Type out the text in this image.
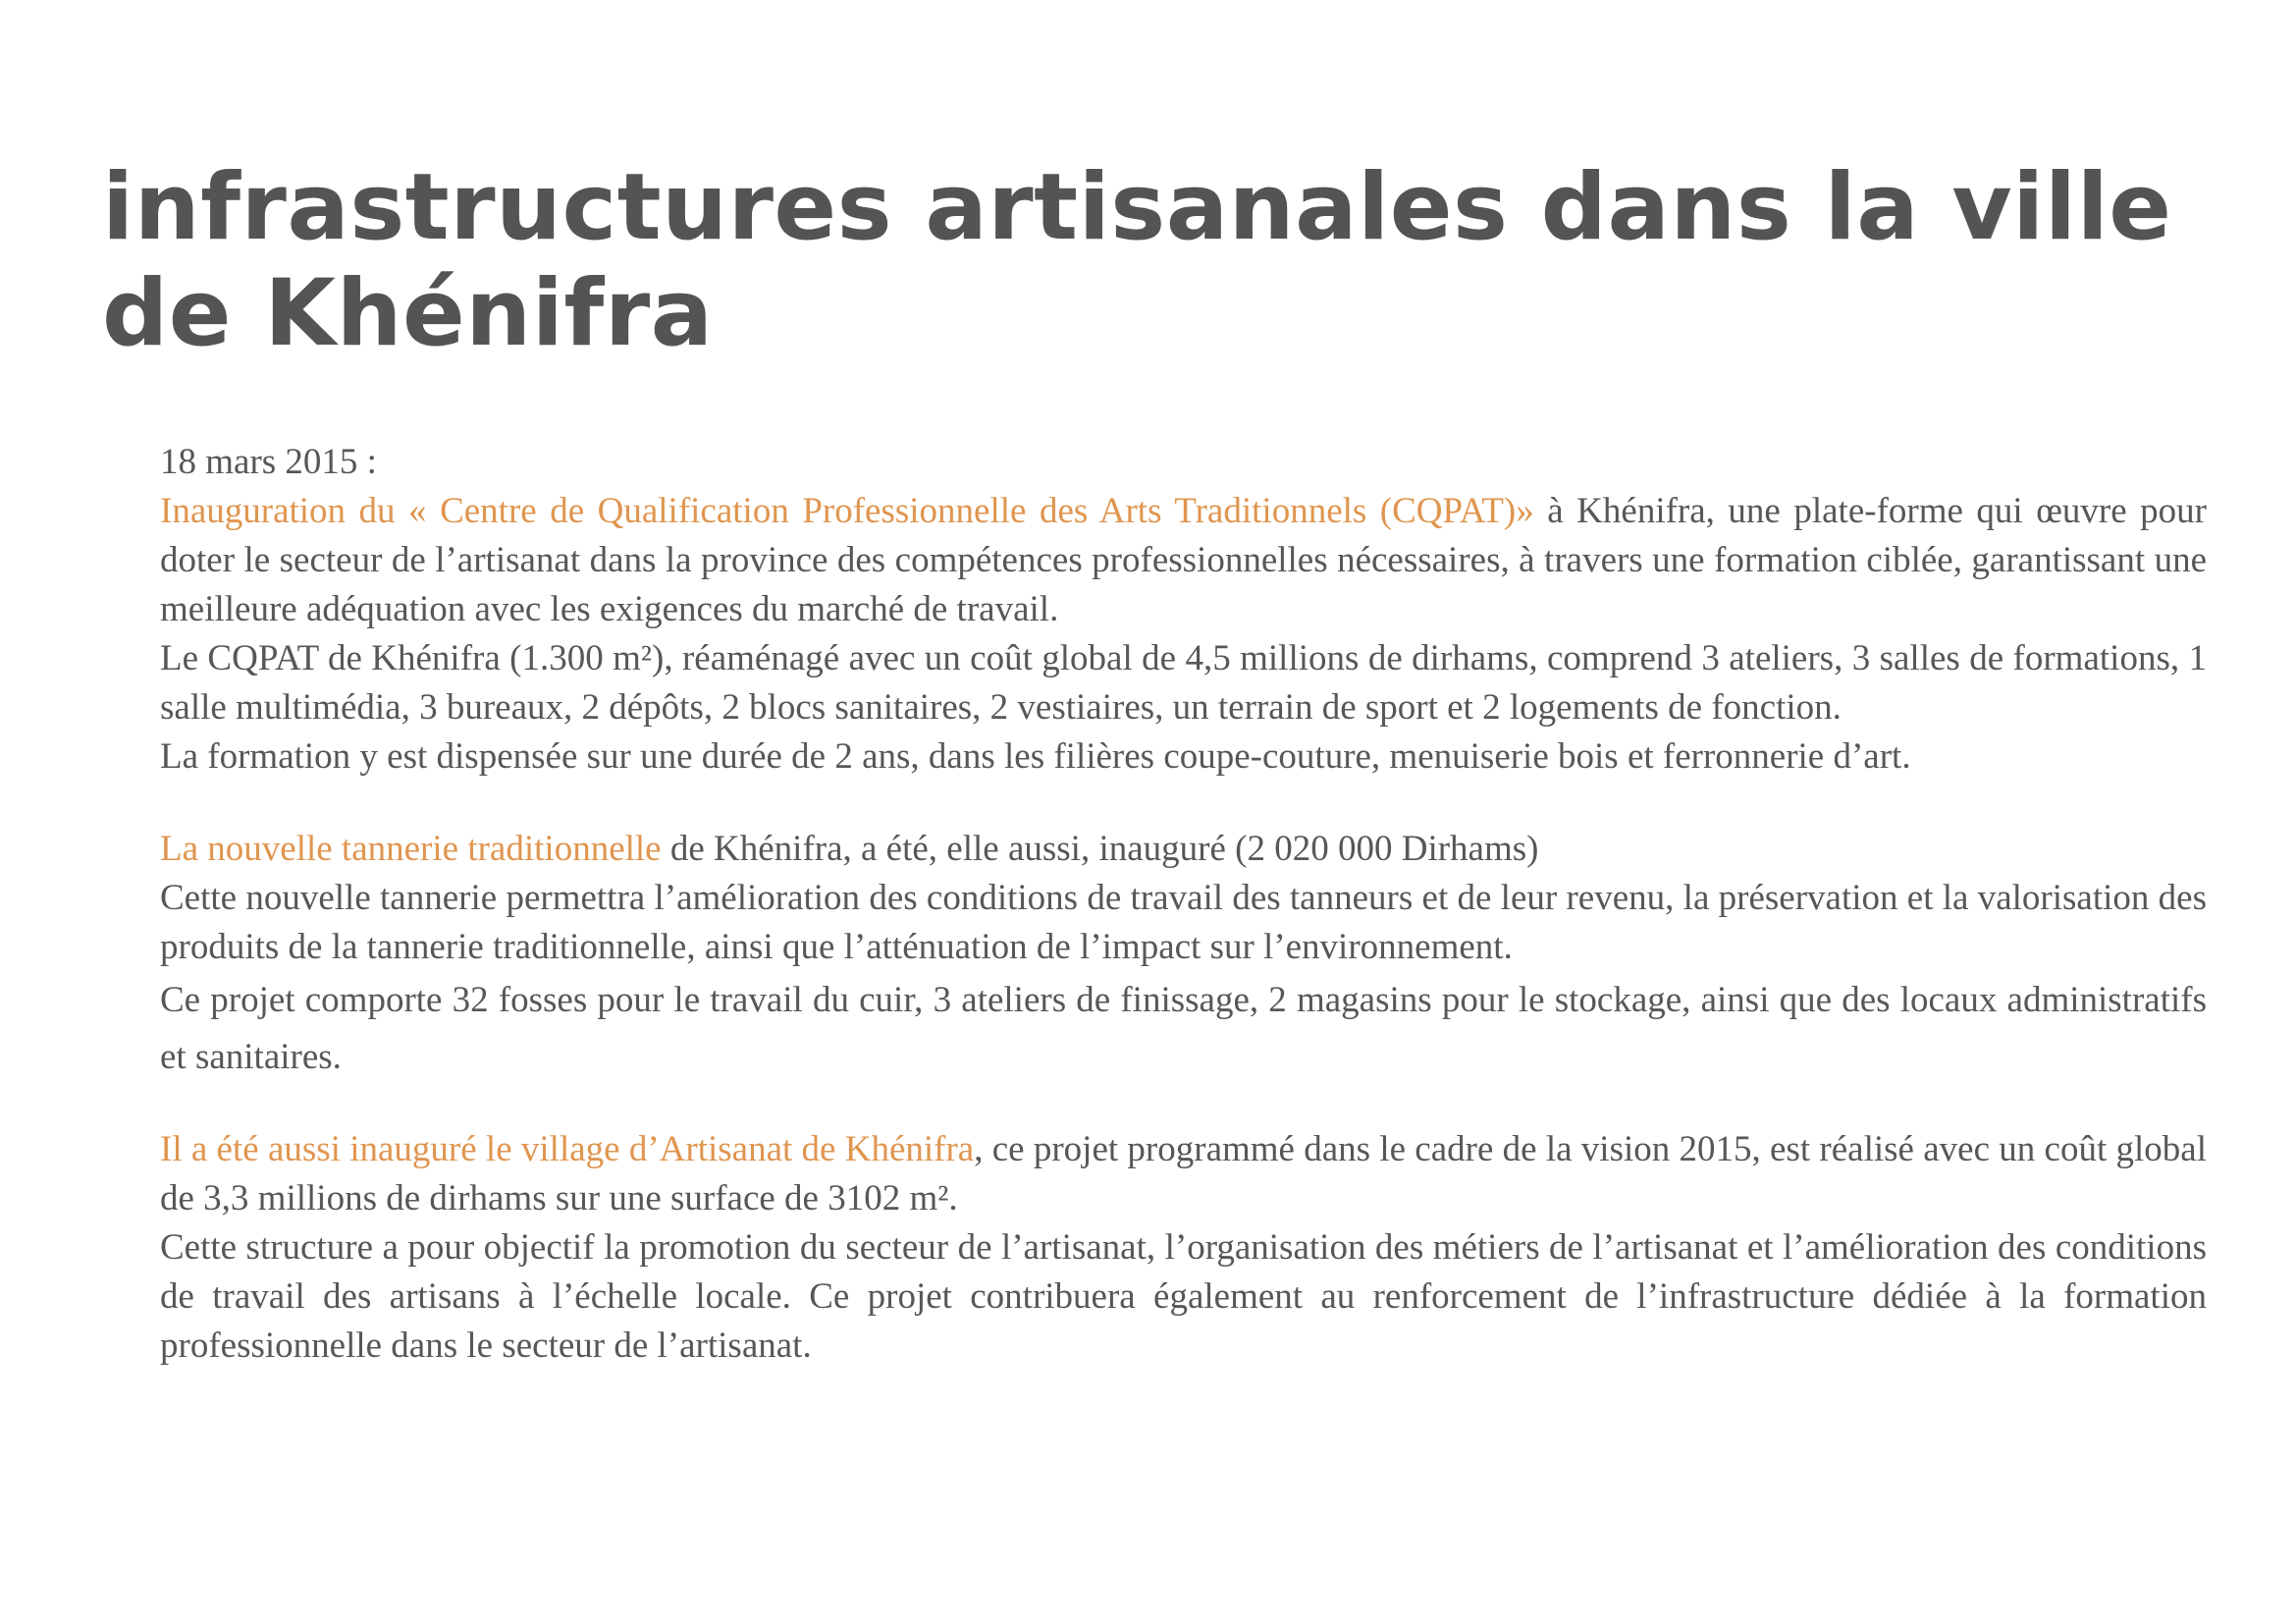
infrastructures artisanales dans la ville de Khénifra

18 mars 2015 :

Inauguration du « Centre de Qualification Professionnelle des Arts Traditionnels (CQPAT)» à Khénifra, une plate-forme qui œuvre pour doter le secteur de l’artisanat dans la province des compétences professionnelles nécessaires, à travers une formation ciblée, garantissant une meilleure adéquation avec les exigences du marché de travail.

Le CQPAT de Khénifra (1.300 m²), réaménagé avec un coût global de 4,5 millions de dirhams, comprend 3 ateliers, 3 salles de formations, 1 salle multimédia, 3 bureaux, 2 dépôts, 2 blocs sanitaires, 2 vestiaires, un terrain de sport et 2 logements de fonction.

La formation y est dispensée sur une durée de 2 ans, dans les filières coupe-couture, menuiserie bois et ferronnerie d’art.

La nouvelle tannerie traditionnelle de Khénifra, a été, elle aussi, inauguré (2 020 000 Dirhams)

Cette nouvelle tannerie permettra l’amélioration des conditions de travail des tanneurs et de leur revenu, la préservation et la valorisation des produits de la tannerie traditionnelle, ainsi que l’atténuation de l’impact sur l’environnement.

Ce projet comporte 32 fosses pour le travail du cuir, 3 ateliers de finissage, 2 magasins pour le stockage, ainsi que des locaux administratifs et sanitaires.

Il a été aussi inauguré le village d’Artisanat de Khénifra, ce projet programmé dans le cadre de la vision 2015, est réalisé avec un coût global de 3,3 millions de dirhams sur une surface de 3102 m².

Cette structure a pour objectif la promotion du secteur de l’artisanat, l’organisation des métiers de l’artisanat et l’amélioration des conditions de travail des artisans à l’échelle locale. Ce projet contribuera également au renforcement de l’infrastructure dédiée à la formation professionnelle dans le secteur de l’artisanat.
